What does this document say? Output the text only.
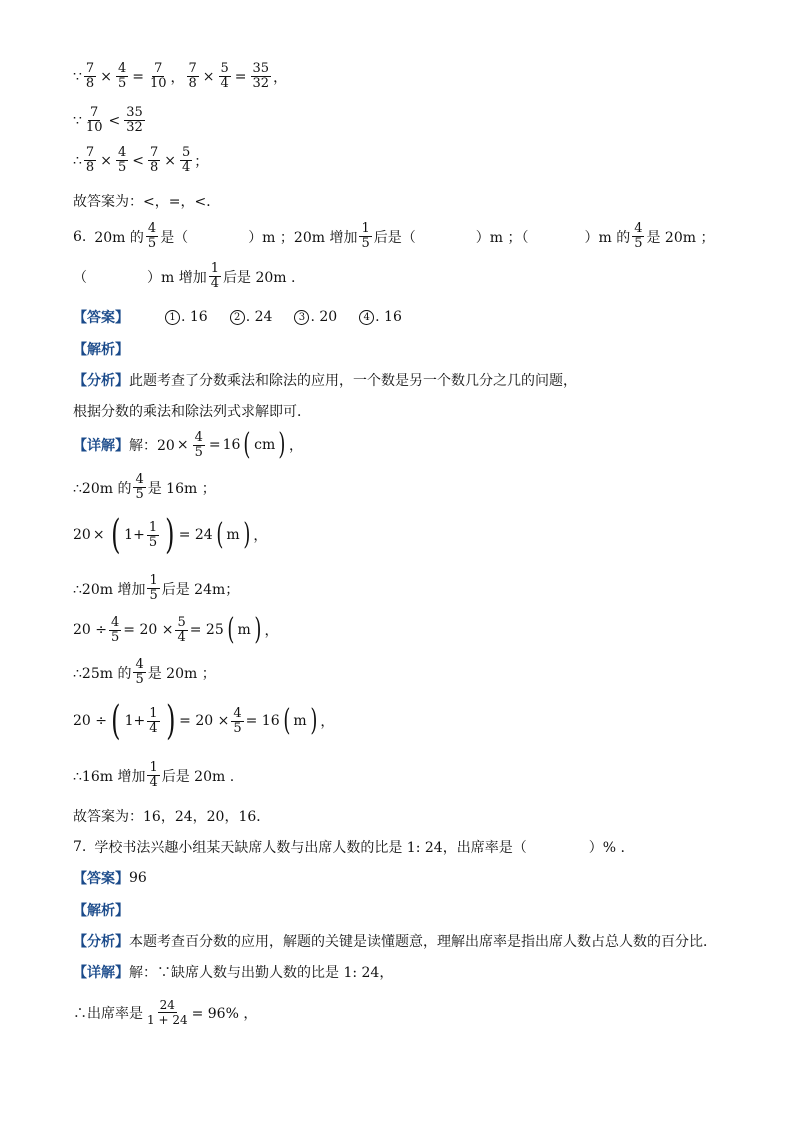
∵ $\frac{7}{8} \times \frac{4}{5} = \frac{7}{10}$ ， $\frac{7}{8} \times \frac{5}{4} = \frac{35}{32}$ ，
∵ 7
10 < 35
32
∴ $\frac{7}{8} \times \frac{4}{5} < \frac{7}{8} \times \frac{5}{4}$ ；
故答案为：<，=，<．
6. 20m 的
4
5 是（	）m ；20m 增加
1
5 后是（	）m ；（	）m 的
4
5 是 20m ；
（	）m 增加
1
4 后是 20m .
【答案】	1 . 16	2 . 24	3 . 20	4 . 16
【解析】
【分析】 此题考查了分数乘法和除法的应用，一个数是另一个数几分之几的问题，
根据分数的乘法和除法列式求解即可．
【详解】 解：$20 \times \frac{4}{5} = 16$ ( cm ) ，
∴20m 的
4
5 是 16m ；
20 × ( $1+ \frac{1}{5}$ ) = 24 ( m ) ，
∴20m 增加
1
5 后是 24m；
$20 \div \frac{4}{5} = 20 \times \frac{5}{4} = 25$ ( m ) ，
∴25m 的
4
5 是 20m ；
20 ÷ ( $1+ \frac{1}{4}$ ) = $20 \times \frac{4}{5} = 16$ ( m ) ，
∴16m 增加
1
4 后是 20m .
故答案为：16，24，20，16．
7. 学校书法兴趣小组某天缺席人数与出席人数的比是 1: 24，出席率是（	）% .
【答案】 96
【解析】
【分析】 本题考查百分数的应用，解题的关键是读懂题意，理解出席率是指出席人数占总人数的百分比．
【详解】 解：∵缺席人数与出勤人数的比是 1: 24，
∴出席率是 $\frac{24}{1 + 24} = 96\%$ ，
